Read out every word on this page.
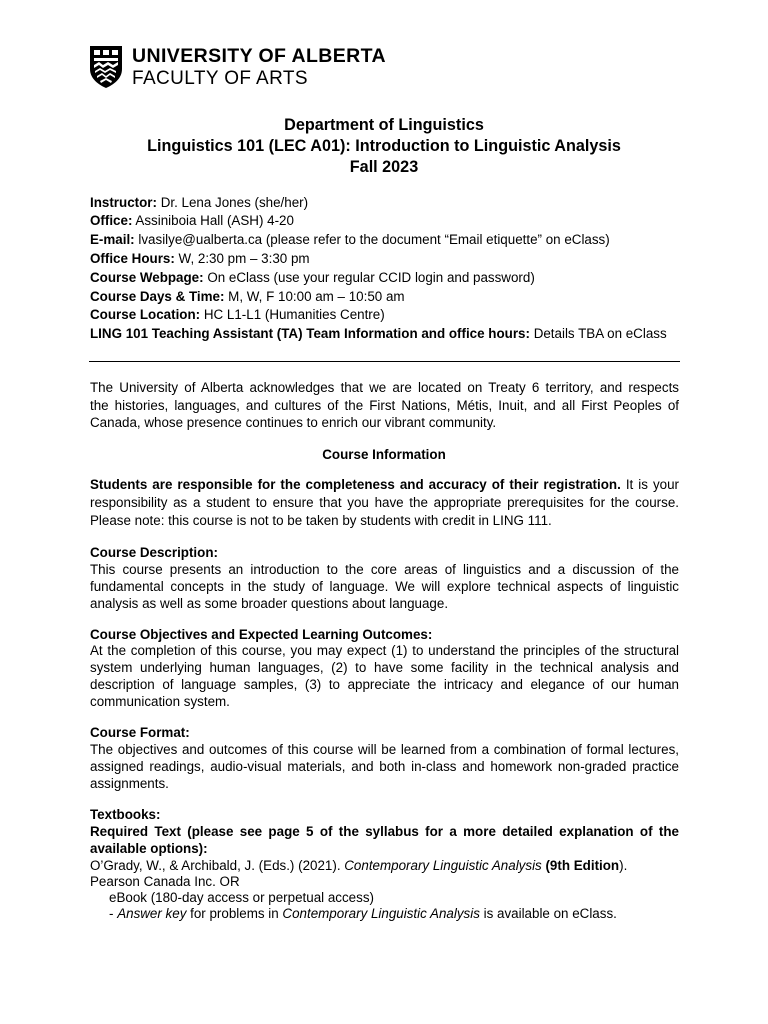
UNIVERSITY OF ALBERTA
FACULTY OF ARTS
Department of Linguistics
Linguistics 101 (LEC A01): Introduction to Linguistic Analysis
Fall 2023
Instructor: Dr. Lena Jones (she/her)
Office: Assiniboia Hall (ASH) 4-20
E-mail: lvasilye@ualberta.ca (please refer to the document “Email etiquette” on eClass)
Office Hours: W, 2:30 pm – 3:30 pm
Course Webpage: On eClass (use your regular CCID login and password)
Course Days & Time: M, W, F 10:00 am – 10:50 am
Course Location: HC L1-L1 (Humanities Centre)
LING 101 Teaching Assistant (TA) Team Information and office hours: Details TBA on eClass
The University of Alberta acknowledges that we are located on Treaty 6 territory, and respects
the histories, languages, and cultures of the First Nations, Métis, Inuit, and all First Peoples of
Canada, whose presence continues to enrich our vibrant community.
Course Information
Students are responsible for the completeness and accuracy of their registration. It is your
responsibility as a student to ensure that you have the appropriate prerequisites for the course.
Please note: this course is not to be taken by students with credit in LING 111.
Course Description:
This course presents an introduction to the core areas of linguistics and a discussion of the
fundamental concepts in the study of language. We will explore technical aspects of linguistic
analysis as well as some broader questions about language.
Course Objectives and Expected Learning Outcomes:
At the completion of this course, you may expect (1) to understand the principles of the structural
system underlying human languages, (2) to have some facility in the technical analysis and
description of language samples, (3) to appreciate the intricacy and elegance of our human
communication system.
Course Format:
The objectives and outcomes of this course will be learned from a combination of formal lectures,
assigned readings, audio-visual materials, and both in-class and homework non-graded practice
assignments.
Textbooks:
Required Text (please see page 5 of the syllabus for a more detailed explanation of the
available options):
O’Grady, W., & Archibald, J. (Eds.) (2021). Contemporary Linguistic Analysis (9th Edition).
Pearson Canada Inc. OR
eBook (180-day access or perpetual access)
- Answer key for problems in Contemporary Linguistic Analysis is available on eClass.
